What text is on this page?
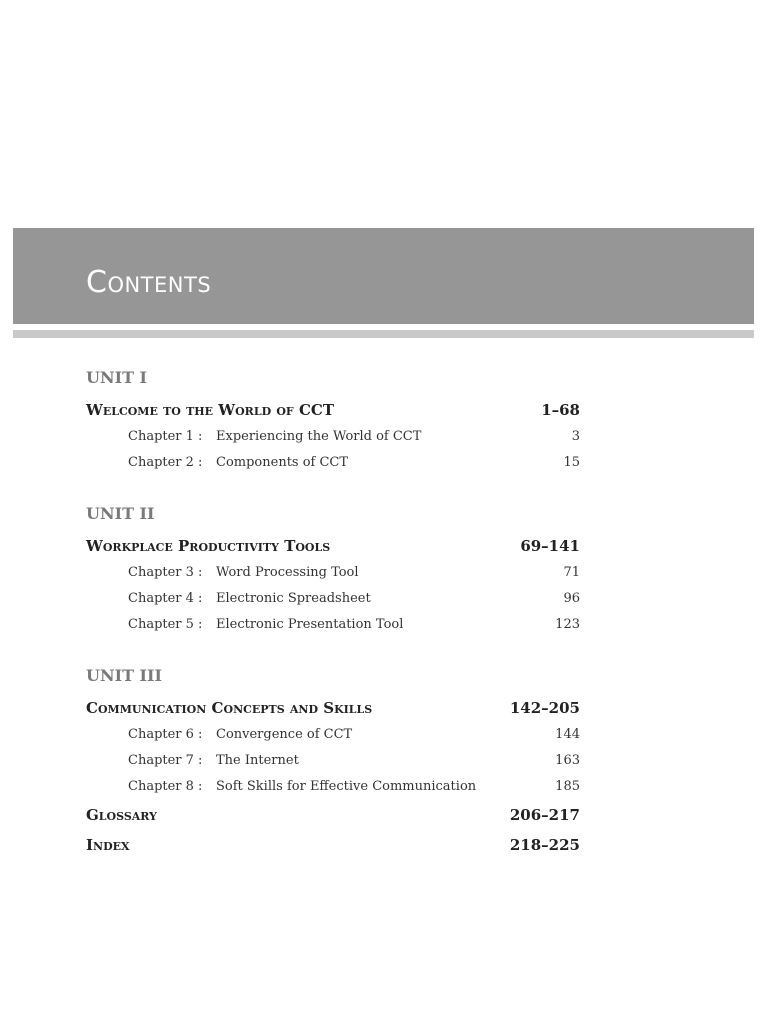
Contents
UNIT I
Welcome to the World of CCT	1–68
Chapter 1 :	Experiencing the World of CCT	3
Chapter 2 :	Components of CCT	15
UNIT II
Workplace Productivity Tools	69–141
Chapter 3 :	Word Processing Tool	71
Chapter 4 :	Electronic Spreadsheet	96
Chapter 5 :	Electronic Presentation Tool	123
UNIT III
Communication Concepts and Skills	142–205
Chapter 6 :	Convergence of CCT	144
Chapter 7 :	The Internet	163
Chapter 8 :	Soft Skills for Effective Communication	185
Glossary	206–217
Index	218–225
